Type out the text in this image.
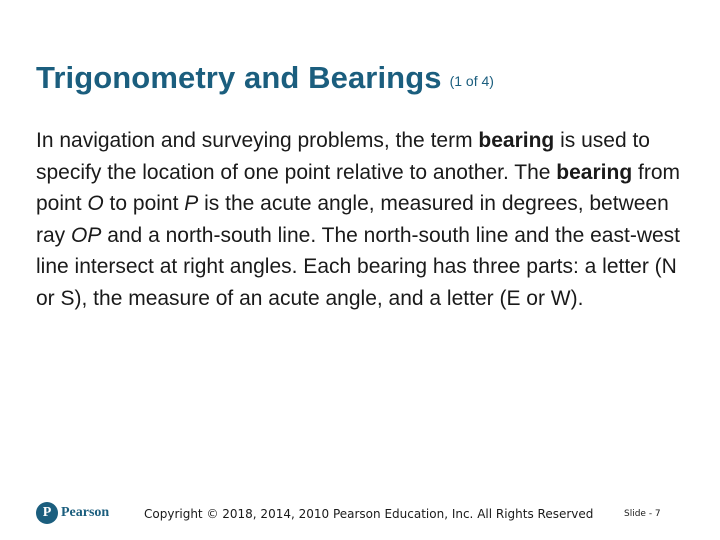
Trigonometry and Bearings (1 of 4)
In navigation and surveying problems, the term bearing is used to specify the location of one point relative to another. The bearing from point O to point P is the acute angle, measured in degrees, between ray OP and a north-south line. The north-south line and the east-west line intersect at right angles. Each bearing has three parts: a letter (N or S), the measure of an acute angle, and a letter (E or W).
P Pearson	Copyright © 2018, 2014, 2010 Pearson Education, Inc. All Rights Reserved	Slide - 7
